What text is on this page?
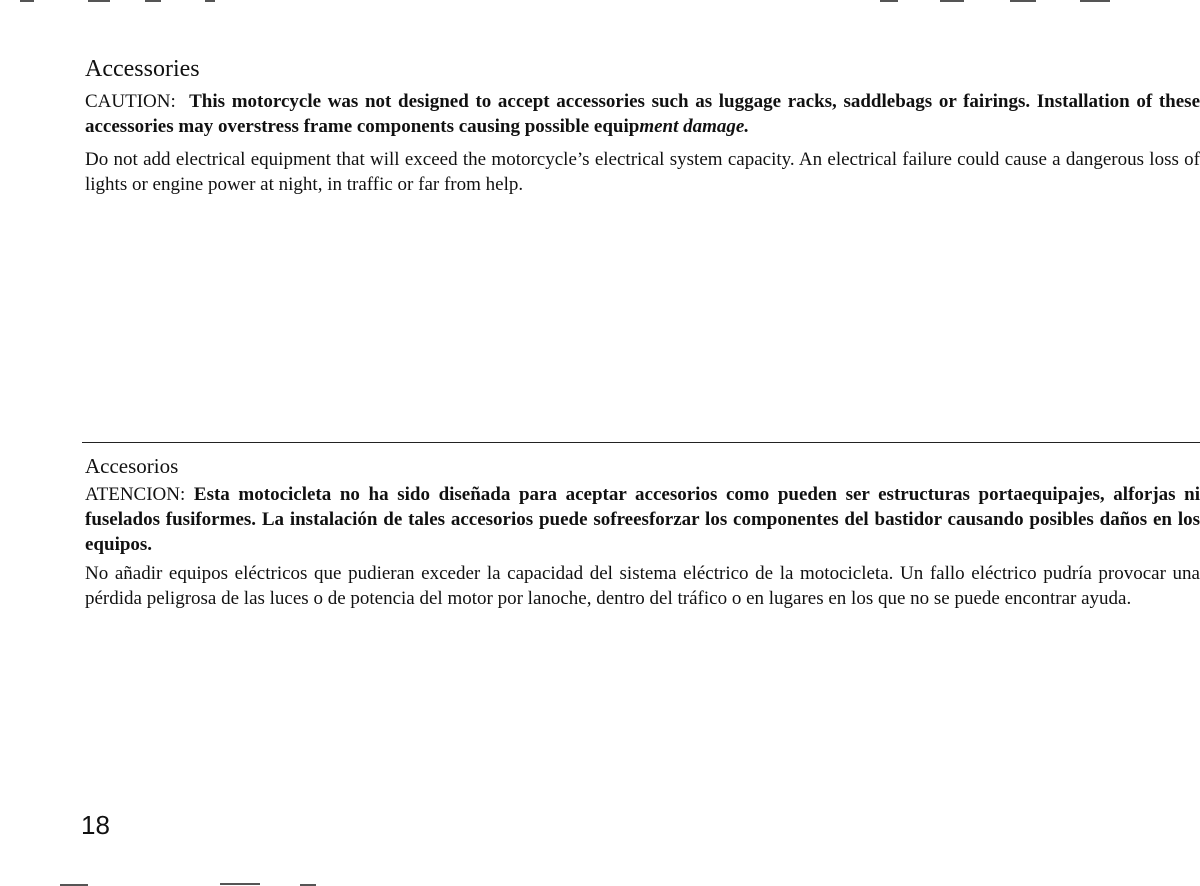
Accessories

CAUTION: This motorcycle was not designed to accept accessories such as luggage racks, saddlebags or fairings. Installation of these accessories may overstress frame components causing possible equipment damage.

Do not add electrical equipment that will exceed the motorcycle’s electrical system capacity. An electrical failure could cause a dangerous loss of lights or engine power at night, in traffic or far from help.

Accesorios

ATENCION: Esta motocicleta no ha sido diseñada para aceptar accesorios como pueden ser estructuras portaequipajes, alforjas ni fuselados fusiformes. La instalación de tales accesorios puede sofreesforzar los componentes del bastidor causando posibles daños en los equipos.

No añadir equipos eléctricos que pudieran exceder la capacidad del sistema eléctrico de la motocicleta. Un fallo eléctrico pudría provocar una pérdida peligrosa de las luces o de potencia del motor por lanoche, dentro del tráfico o en lugares en los que no se puede encontrar ayuda.

18
